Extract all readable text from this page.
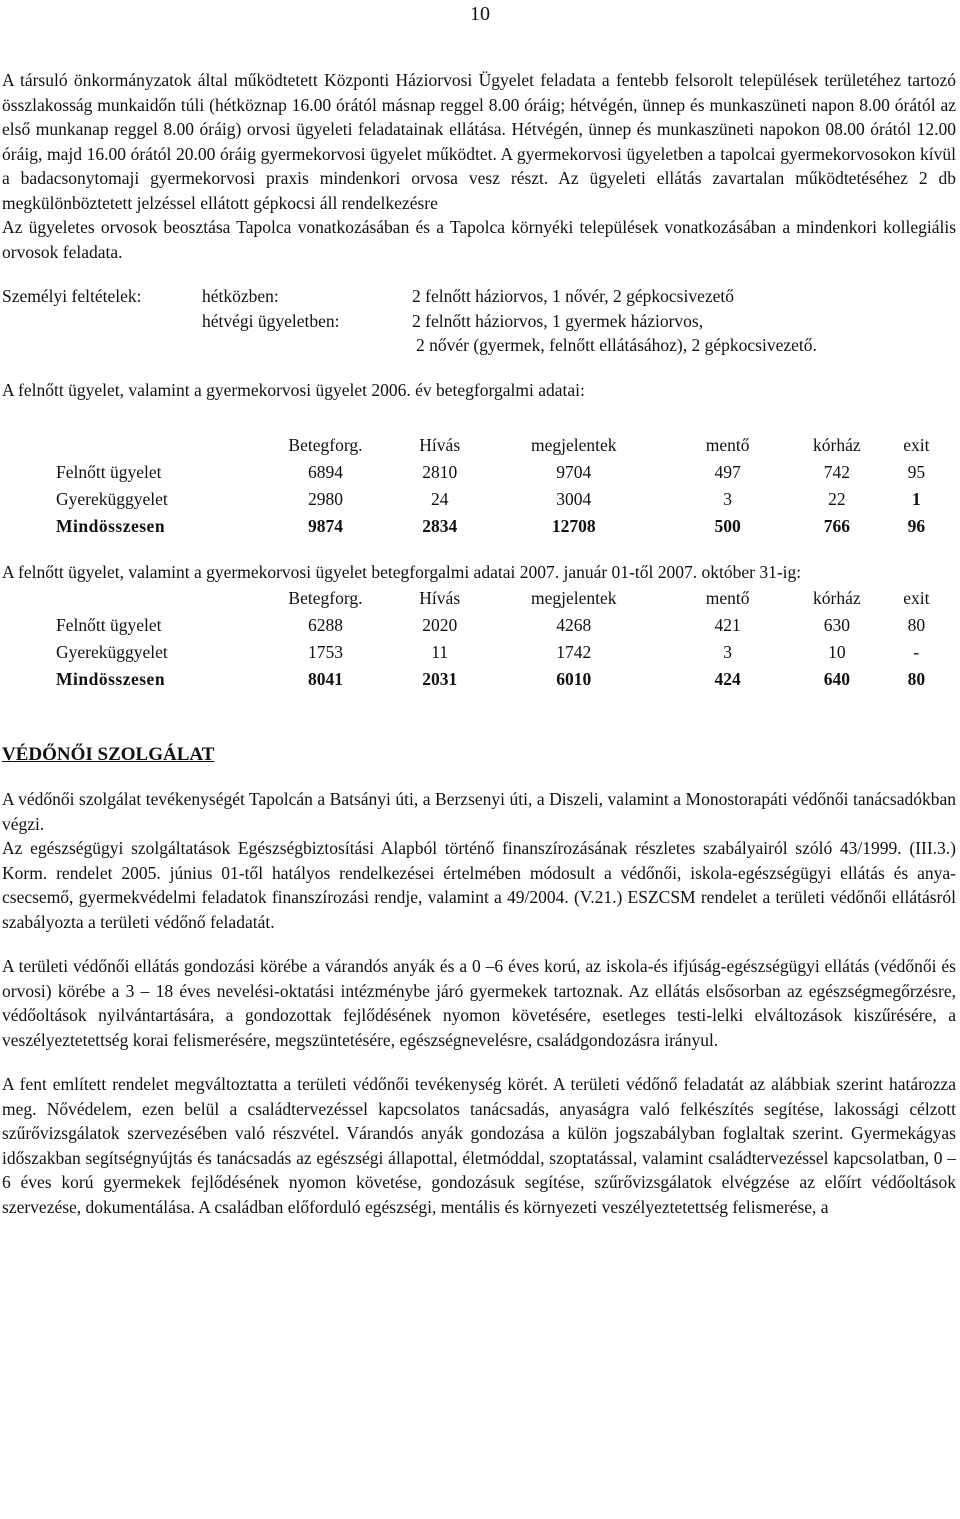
10

A társuló önkormányzatok által működtetett Központi Háziorvosi Ügyelet feladata a fentebb felsorolt települések területéhez tartozó összlakosság munkaidőn túli (hétköznap 16.00 órától másnap reggel 8.00 óráig; hétvégén, ünnep és munkaszüneti napon 8.00 órától az első munkanap reggel 8.00 óráig) orvosi ügyeleti feladatainak ellátása. Hétvégén, ünnep és munkaszüneti napokon 08.00 órától 12.00 óráig, majd 16.00 órától 20.00 óráig gyermekorvosi ügyelet működtet. A gyermekorvosi ügyeletben a tapolcai gyermekorvosokon kívül a badacsonytomaji gyermekorvosi praxis mindenkori orvosa vesz részt. Az ügyeleti ellátás zavartalan működtetéséhez 2 db megkülönböztetett jelzéssel ellátott gépkocsi áll rendelkezésre

Az ügyeletes orvosok beosztása Tapolca vonatkozásában és a Tapolca környéki települések vonatkozásában a mindenkori kollegiális orvosok feladata.

Személyi feltételek:	hétközben:	2 felnőtt háziorvos, 1 nővér, 2 gépkocsivezető
hétvégi ügyeletben:	2 felnőtt háziorvos, 1 gyermek háziorvos,
2 nővér (gyermek, felnőtt ellátásához), 2 gépkocsivezető.

A felnőtt ügyelet, valamint a gyermekorvosi ügyelet 2006. év betegforgalmi adatai:

	Betegforg.	Hívás	megjelentek	mentő	kórház	exit
Felnőtt ügyelet	6894	2810	9704	497	742	95
Gyereküggyelet	2980	24	3004	3	22	1
Mindösszesen	9874	2834	12708	500	766	96

A felnőtt ügyelet, valamint a gyermekorvosi ügyelet betegforgalmi adatai 2007. január 01-től 2007. október 31-ig:

	Betegforg.	Hívás	megjelentek	mentő	kórház	exit
Felnőtt ügyelet	6288	2020	4268	421	630	80
Gyereküggyelet	1753	11	1742	3	10	-
Mindösszesen	8041	2031	6010	424	640	80

VÉDŐNŐI SZOLGÁLAT

A védőnői szolgálat tevékenységét Tapolcán a Batsányi úti, a Berzsenyi úti, a Diszeli, valamint a Monostorapáti védőnői tanácsadókban végzi.

Az egészségügyi szolgáltatások Egészségbiztosítási Alapból történő finanszírozásának részletes szabályairól szóló 43/1999. (III.3.) Korm. rendelet 2005. június 01-től hatályos rendelkezései értelmében módosult a védőnői, iskola-egészségügyi ellátás és anya-csecsemő, gyermekvédelmi feladatok finanszírozási rendje, valamint a 49/2004. (V.21.) ESZCSM rendelet a területi védőnői ellátásról szabályozta a területi védőnő feladatát.

A területi védőnői ellátás gondozási körébe a várandós anyák és a 0 –6 éves korú, az iskola-és ifjúság-egészségügyi ellátás (védőnői és orvosi) körébe a 3 – 18 éves nevelési-oktatási intézménybe járó gyermekek tartoznak. Az ellátás elsősorban az egészségmegőrzésre, védőoltások nyilvántartására, a gondozottak fejlődésének nyomon követésére, esetleges testi-lelki elváltozások kiszűrésére, a veszélyeztetettség korai felismerésére, megszüntetésére, egészségnevelésre, családgondozásra irányul.

A fent említett rendelet megváltoztatta a területi védőnői tevékenység körét. A területi védőnő feladatát az alábbiak szerint határozza meg. Nővédelem, ezen belül a családtervezéssel kapcsolatos tanácsadás, anyaságra való felkészítés segítése, lakossági célzott szűrővizsgálatok szervezésében való részvétel. Várandós anyák gondozása a külön jogszabályban foglaltak szerint. Gyermekágyas időszakban segítségnyújtás és tanácsadás az egészségi állapottal, életmóddal, szoptatással, valamint családtervezéssel kapcsolatban, 0 – 6 éves korú gyermekek fejlődésének nyomon követése, gondozásuk segítése, szűrővizsgálatok elvégzése az előírt védőoltások szervezése, dokumentálása. A családban előforduló egészségi, mentális és környezeti veszélyeztetettség felismerése, a
